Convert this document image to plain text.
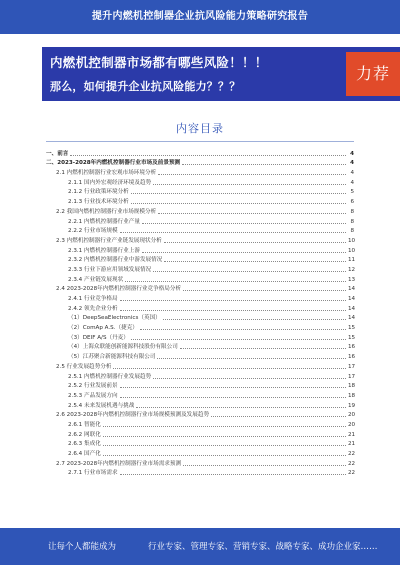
提升内燃机控制器企业抗风险能力策略研究报告
内燃机控制器市场都有哪些风险！！！
那么，如何提升企业抗风险能力？？？
力荐
内容目录
一、前言	4
二、2023-2028年内燃机控制器行业市场及前景预测	4
2.1 内燃机控制器行业宏观市场环境分析	4
2.1.1 国内外宏观经济环境及趋势	4
2.1.2 行业政策环境分析	5
2.1.3 行业技术环境分析	6
2.2 我国内燃机控制器行业市场规模分析	8
2.2.1 内燃机控制器行业产量	8
2.2.2 行业市场规模	8
2.3 内燃机控制器行业产业链发展现状分析	10
2.3.1 内燃机控制器行业上游	10
2.3.2 内燃机控制器行业中游发展情况	11
2.3.3 行业下游应用领域发展情况	12
2.3.4 产业链发展现状	13
2.4 2023-2028年内燃机控制器行业竞争格局分析	14
2.4.1 行业竞争格局	14
2.4.2 领先企业分析	14
（1）DeepSeaElectronics（英国）	14
（2）ComAp A.S.（捷克）	15
（3）DEIF A/S（丹麦）	15
（4）上海众联能创新能源科技股份有限公司	16
（5）江苏聚合新能源科技有限公司	16
2.5 行业发展趋势分析	17
2.5.1 内燃机控制器行业发展趋势	17
2.5.2 行业发展前景	18
2.5.3 产品发展方向	18
2.5.4 未来发展机遇与挑战	19
2.6 2023-2028年内燃机控制器行业市场规模预测及发展趋势	20
2.6.1 智能化	20
2.6.2 网联化	21
2.6.3 集成化	21
2.6.4 国产化	22
2.7 2023-2028年内燃机控制器行业市场需求预测	22
2.7.1 行业市场需求	22
让每个人都能成为	行业专家、管理专家、营销专家、战略专家、成功企业家……
